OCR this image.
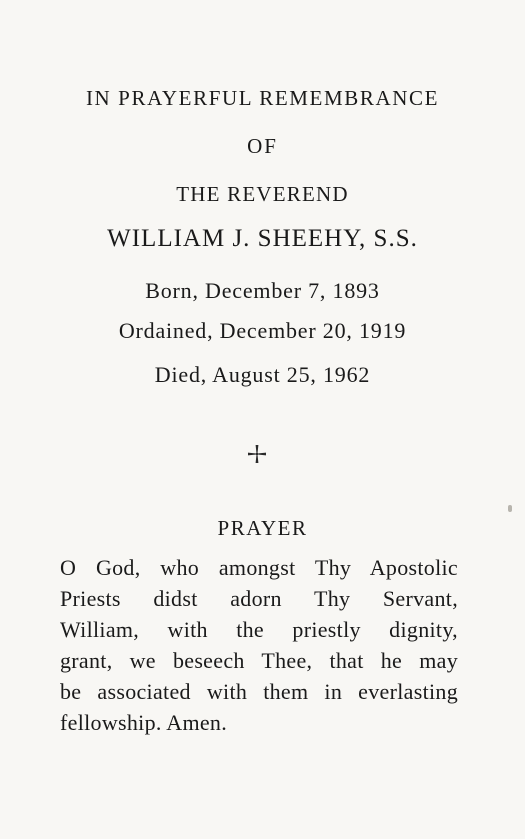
IN PRAYERFUL REMEMBRANCE
OF
THE REVEREND
WILLIAM J. SHEEHY, S.S.
Born, December 7, 1893
Ordained, December 20, 1919
Died, August 25, 1962
PRAYER
O God, who amongst Thy Apostolic
Priests didst adorn Thy Servant,
William, with the priestly dignity,
grant, we beseech Thee, that he may
be associated with them in everlasting
fellowship. Amen.
